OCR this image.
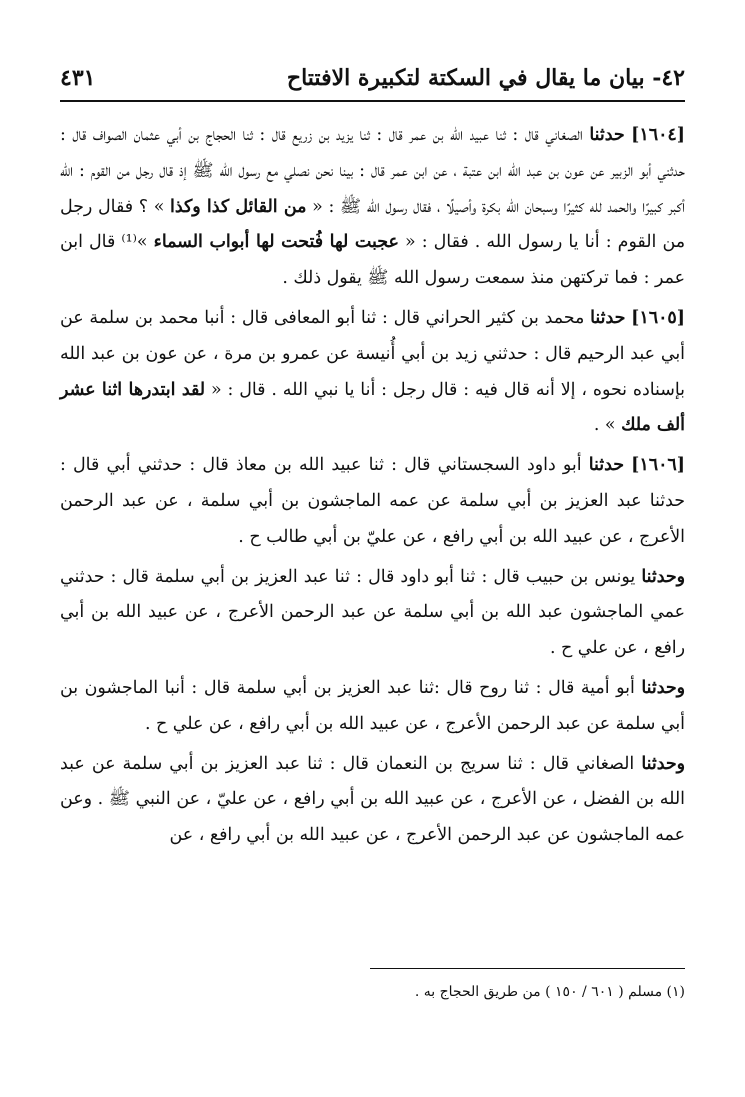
٤٢- بيان ما يقال في السكتة لتكبيرة الافتتاح
٤٣١

[١٦٠٤] حدثنا الصغاني قال : ثنا عبيد الله بن عمر قال : ثنا يزيد بن زريع قال : ثنا الحجاج بن أبي عثمان الصواف قال : حدثني أبو الزبير عن عون بن عبد الله ابن عتبة ، عن ابن عمر قال : بينا نحن نصلي مع رسول الله ﷺ إذ قال رجل من القوم : الله أكبر كبيرًا والحمد لله كثيرًا وسبحان الله بكرة وأصيلًا ، فقال رسول الله ﷺ : « من القائل كذا وكذا » ؟ فقال رجل من القوم : أنا يا رسول الله . فقال : « عجبت لها فُتحت لها أبواب السماء »⁽¹⁾ قال ابن عمر : فما تركتهن منذ سمعت رسول الله ﷺ يقول ذلك .

[١٦٠٥] حدثنا محمد بن كثير الحراني قال : ثنا أبو المعافى قال : أنبا محمد بن سلمة عن أبي عبد الرحيم قال : حدثني زيد بن أبي أُنيسة عن عمرو بن مرة ، عن عون بن عبد الله بإسناده نحوه ، إلا أنه قال فيه : قال رجل : أنا يا نبي الله . قال : « لقد ابتدرها اثنا عشر ألف ملك » .

[١٦٠٦] حدثنا أبو داود السجستاني قال : ثنا عبيد الله بن معاذ قال : حدثني أبي قال : حدثنا عبد العزيز بن أبي سلمة عن عمه الماجشون بن أبي سلمة ، عن عبد الرحمن الأعرج ، عن عبيد الله بن أبي رافع ، عن عليّ بن أبي طالب ح .

وحدثنا يونس بن حبيب قال : ثنا أبو داود قال : ثنا عبد العزيز بن أبي سلمة قال : حدثني عمي الماجشون عبد الله بن أبي سلمة عن عبد الرحمن الأعرج ، عن عبيد الله بن أبي رافع ، عن علي ح .

وحدثنا أبو أمية قال : ثنا روح قال :ثنا عبد العزيز بن أبي سلمة قال : أنبا الماجشون بن أبي سلمة عن عبد الرحمن الأعرج ، عن عبيد الله بن أبي رافع ، عن علي ح .

وحدثنا الصغاني قال : ثنا سريج بن النعمان قال : ثنا عبد العزيز بن أبي سلمة عن عبد الله بن الفضل ، عن الأعرج ، عن عبيد الله بن أبي رافع ، عن عليّ ، عن النبي ﷺ . وعن عمه الماجشون عن عبد الرحمن الأعرج ، عن عبيد الله بن أبي رافع ، عن

(١) مسلم ( ٦٠١ / ١٥٠ ) من طريق الحجاج به .
